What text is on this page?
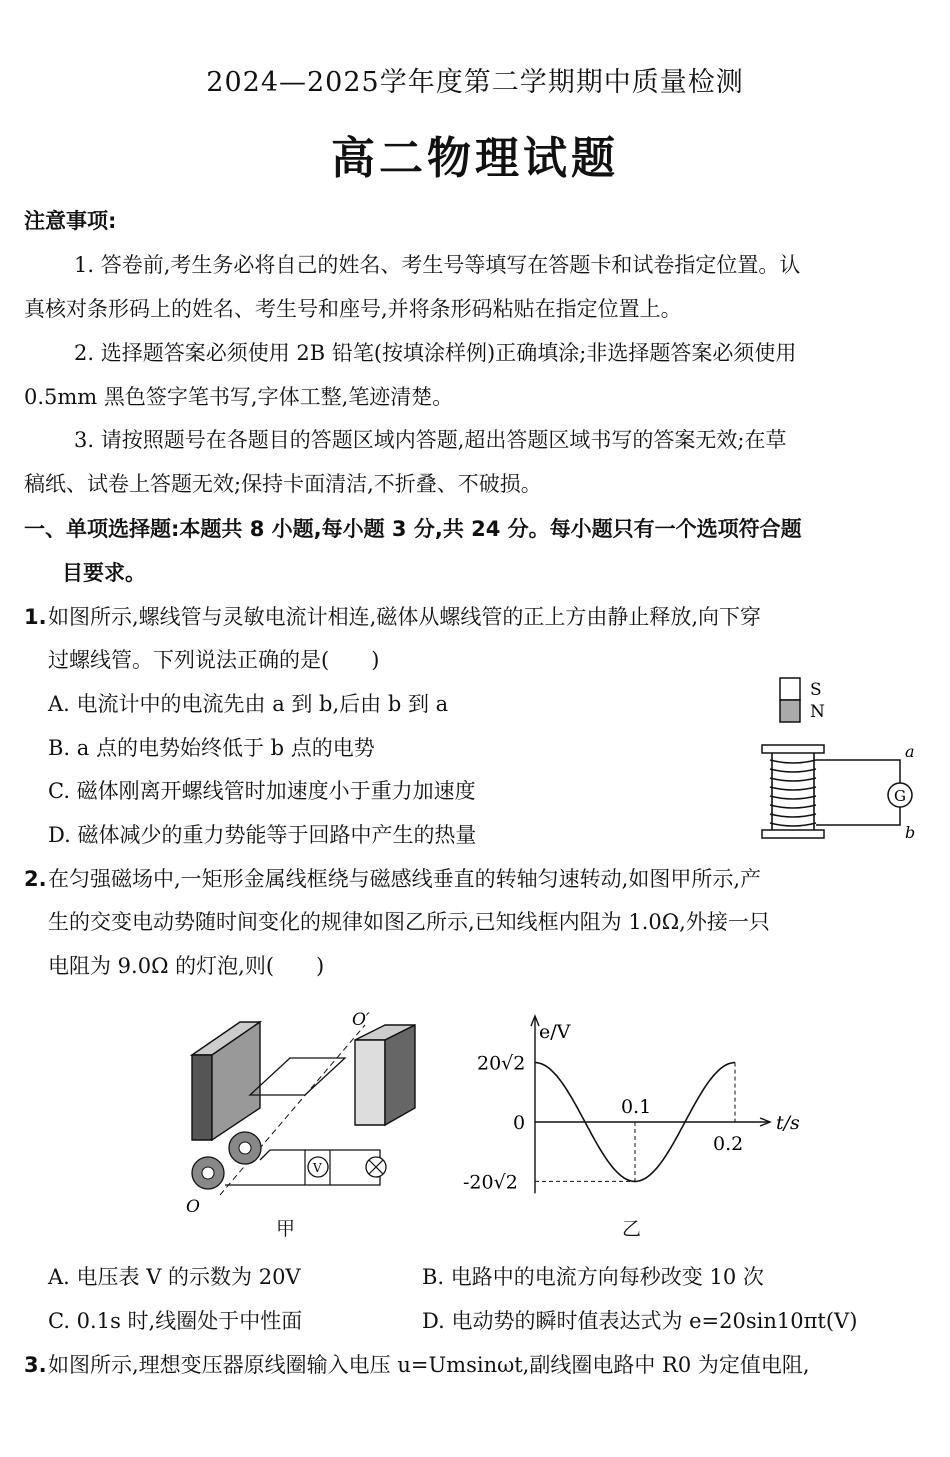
2024—2025学年度第二学期期中质量检测
高二物理试题
注意事项:
1. 答卷前,考生务必将自己的姓名、考生号等填写在答题卡和试卷指定位置。认
真核对条形码上的姓名、考生号和座号,并将条形码粘贴在指定位置上。
2. 选择题答案必须使用 2B 铅笔(按填涂样例)正确填涂;非选择题答案必须使用
0.5mm 黑色签字笔书写,字体工整,笔迹清楚。
3. 请按照题号在各题目的答题区域内答题,超出答题区域书写的答案无效;在草
稿纸、试卷上答题无效;保持卡面清洁,不折叠、不破损。
一、单项选择题:本题共 8 小题,每小题 3 分,共 24 分。每小题只有一个选项符合题
目要求。
1. 如图所示,螺线管与灵敏电流计相连,磁体从螺线管的正上方由静止释放,向下穿
过螺线管。下列说法正确的是(　　)
A. 电流计中的电流先由 a 到 b,后由 b 到 a
B. a 点的电势始终低于 b 点的电势
C. 磁体刚离开螺线管时加速度小于重力加速度
D. 磁体减少的重力势能等于回路中产生的热量
S
N
G
a
b
2. 在匀强磁场中,一矩形金属线框绕与磁感线垂直的转轴匀速转动,如图甲所示,产
生的交变电动势随时间变化的规律如图乙所示,已知线框内阻为 1.0Ω,外接一只
电阻为 9.0Ω 的灯泡,则(　　)
V
O′
O
甲
e/V
t/s
20√2
0
-20√2
0.1
0.2
乙
A. 电压表 V 的示数为 20V	B. 电路中的电流方向每秒改变 10 次
C. 0.1s 时,线圈处于中性面	D. 电动势的瞬时值表达式为 e=20sin10πt(V)
3. 如图所示,理想变压器原线圈输入电压 u=Umsinωt,副线圈电路中 R0 为定值电阻,
